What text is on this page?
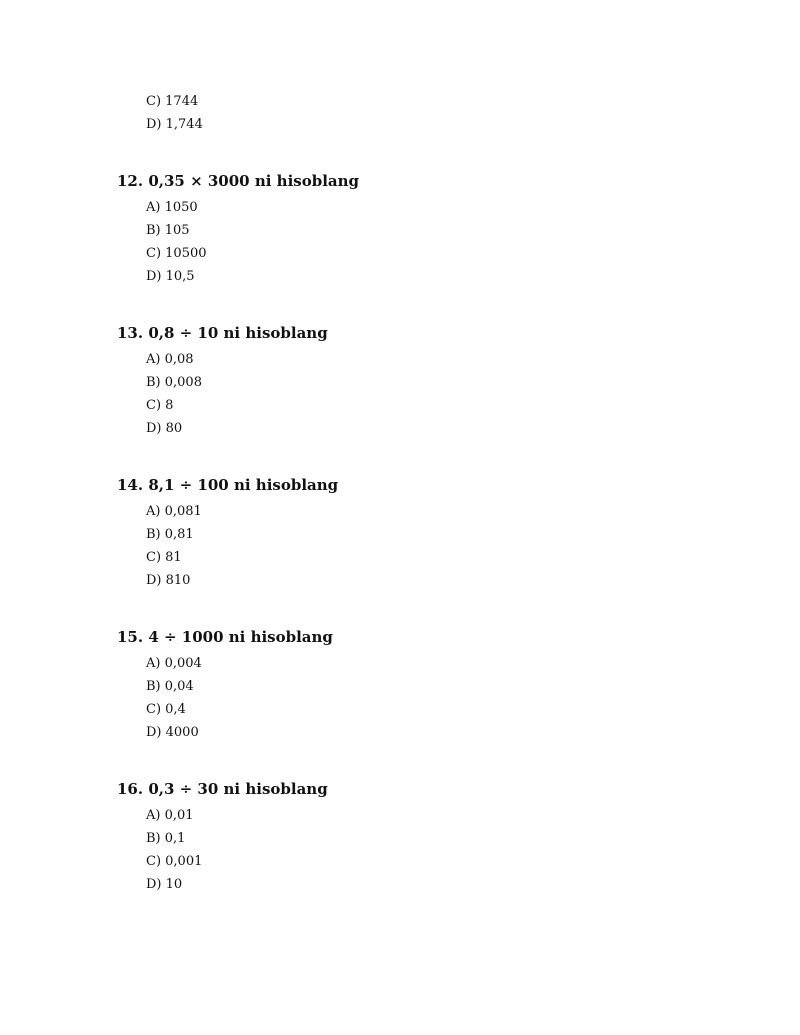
C) 1744
D) 1,744
12. 0,35 × 3000 ni hisoblang
A) 1050
B) 105
C) 10500
D) 10,5
13. 0,8 ÷ 10 ni hisoblang
A) 0,08
B) 0,008
C) 8
D) 80
14. 8,1 ÷ 100 ni hisoblang
A) 0,081
B) 0,81
C) 81
D) 810
15. 4 ÷ 1000 ni hisoblang
A) 0,004
B) 0,04
C) 0,4
D) 4000
16. 0,3 ÷ 30 ni hisoblang
A) 0,01
B) 0,1
C) 0,001
D) 10
